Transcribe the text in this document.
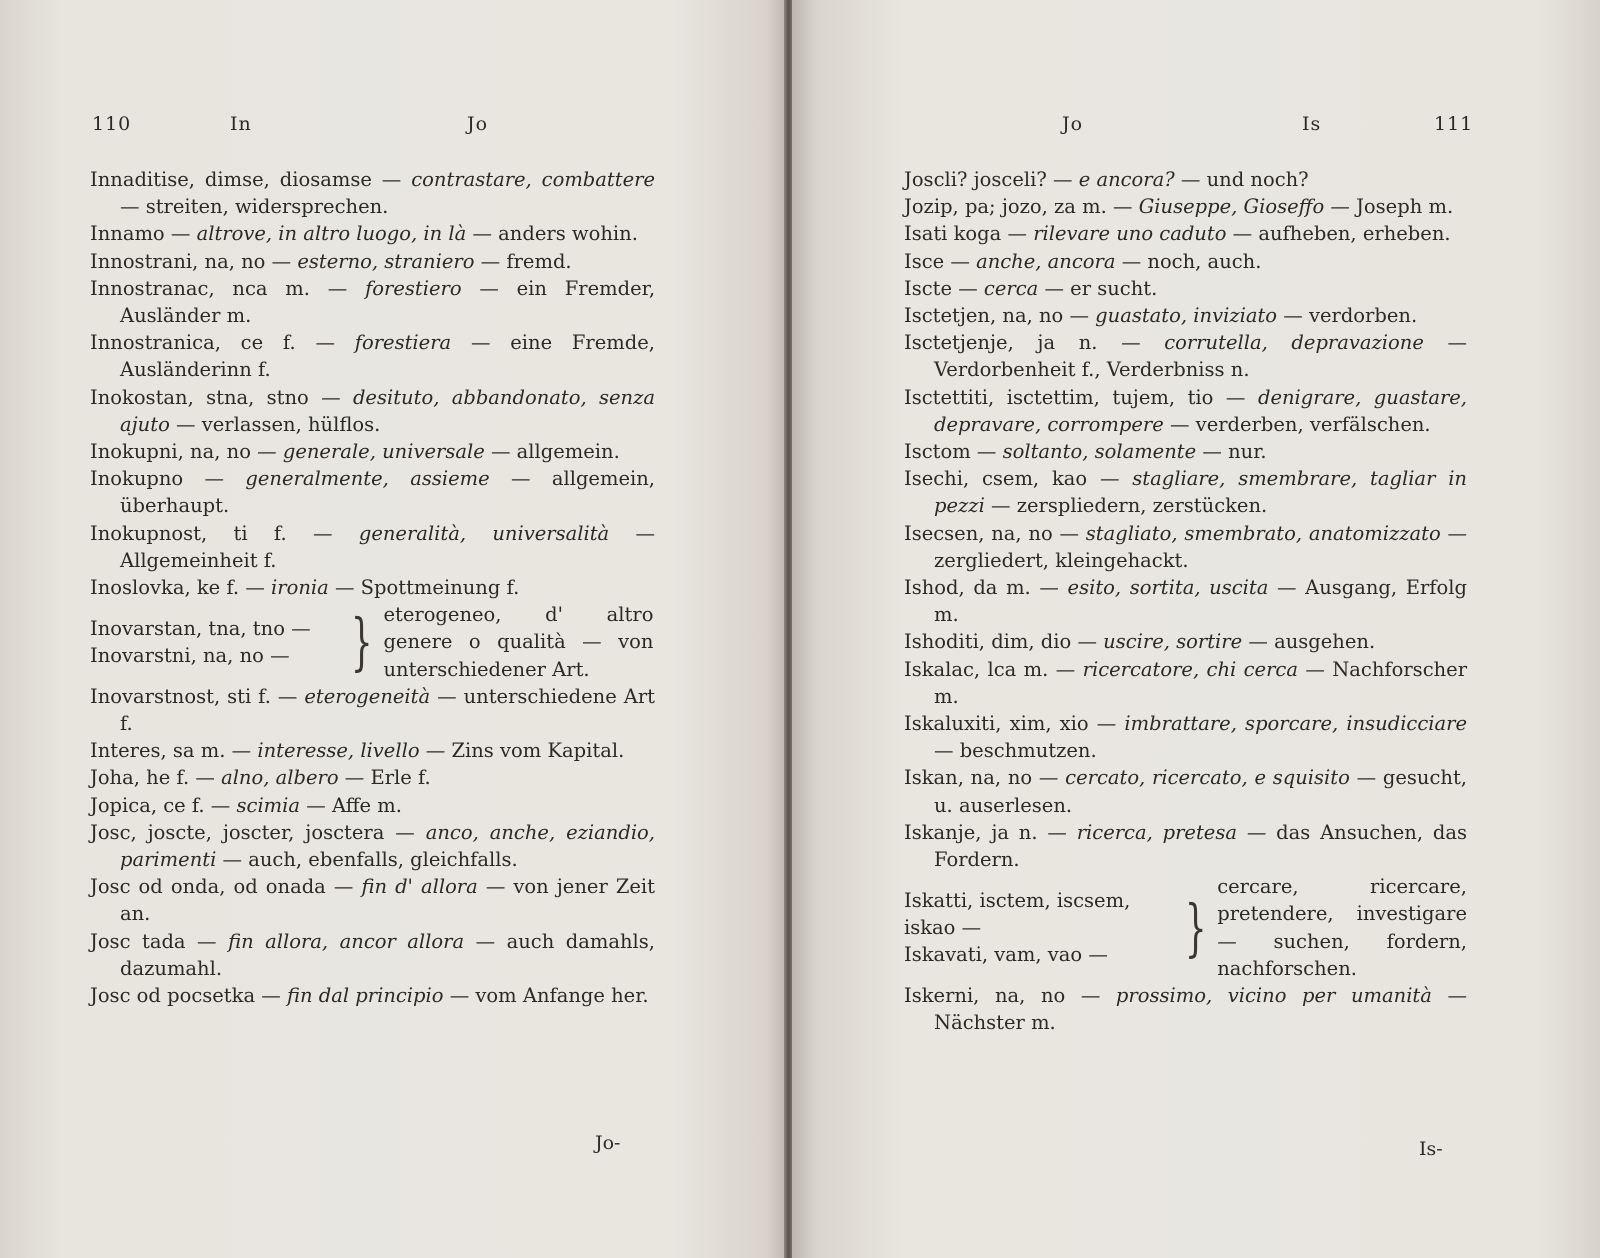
110	In	Jo
Innaditise, dimse, diosamse — contrastare, combattere — streiten, widersprechen.
Innamo — altrove, in altro luogo, in là — anders wohin.
Innostrani, na, no — esterno, straniero — fremd.
Innostranac, nca m. — forestiero — ein Fremder, Ausländer m.
Innostranica, ce f. — forestiera — eine Fremde, Ausländerinn f.
Inokostan, stna, stno — desituto, abbandonato, senza ajuto — verlassen, hülflos.
Inokupni, na, no — generale, universale — allgemein.
Inokupno — generalmente, assieme — allgemein, überhaupt.
Inokupnost, ti f. — generalità, universalità — Allgemeinheit f.
Inoslovka, ke f. — ironia — Spottmeinung f.
Inovarstan, tna, tno —
Inovarstni, na, no — } eterogeneo, d' altro genere o qualità — von unterschiedener Art.
Inovarstnost, sti f. — eterogeneità — unterschiedene Art f.
Interes, sa m. — interesse, livello — Zins vom Kapital.
Joha, he f. — alno, albero — Erle f.
Jopica, ce f. — scimia — Affe m.
Josc, joscte, joscter, josctera — anco, anche, eziandio, parimenti — auch, ebenfalls, gleichfalls.
Josc od onda, od onada — fin d' allora — von jener Zeit an.
Josc tada — fin allora, ancor allora — auch damahls, dazumahl.
Josc od pocsetka — fin dal principio — vom Anfange her.
Jo-
Jo	Is	111
Joscli? josceli? — e ancora? — und noch?
Jozip, pa; jozo, za m. — Giuseppe, Gioseffo — Joseph m.
Isati koga — rilevare uno caduto — aufheben, erheben.
Isce — anche, ancora — noch, auch.
Iscte — cerca — er sucht.
Isctetjen, na, no — guastato, inviziato — verdorben.
Isctetjenje, ja n. — corrutella, depravazione — Verdorbenheit f., Verderbniss n.
Isctettiti, isctettim, tujem, tio — denigrare, guastare, depravare, corrompere — verderben, verfälschen.
Isctom — soltanto, solamente — nur.
Isechi, csem, kao — stagliare, smembrare, tagliar in pezzi — zerspliedern, zerstücken.
Isecsen, na, no — stagliato, smembrato, anatomizzato — zergliedert, kleingehackt.
Ishod, da m. — esito, sortita, uscita — Ausgang, Erfolg m.
Ishoditi, dim, dio — uscire, sortire — ausgehen.
Iskalac, lca m. — ricercatore, chi cerca — Nachforscher m.
Iskaluxiti, xim, xio — imbrattare, sporcare, insudicciare — beschmutzen.
Iskan, na, no — cercato, ricercato, e squisito — gesucht, u. auserlesen.
Iskanje, ja n. — ricerca, pretesa — das Ansuchen, das Fordern.
Iskatti, isctem, iscsem, iskao —
Iskavati, vam, vao —	}
cercare, ricercare, pretendere, investigare — suchen, fordern, nachforschen.
Iskerni, na, no — prossimo, vicino per umanità — Nächster m.
Is-
